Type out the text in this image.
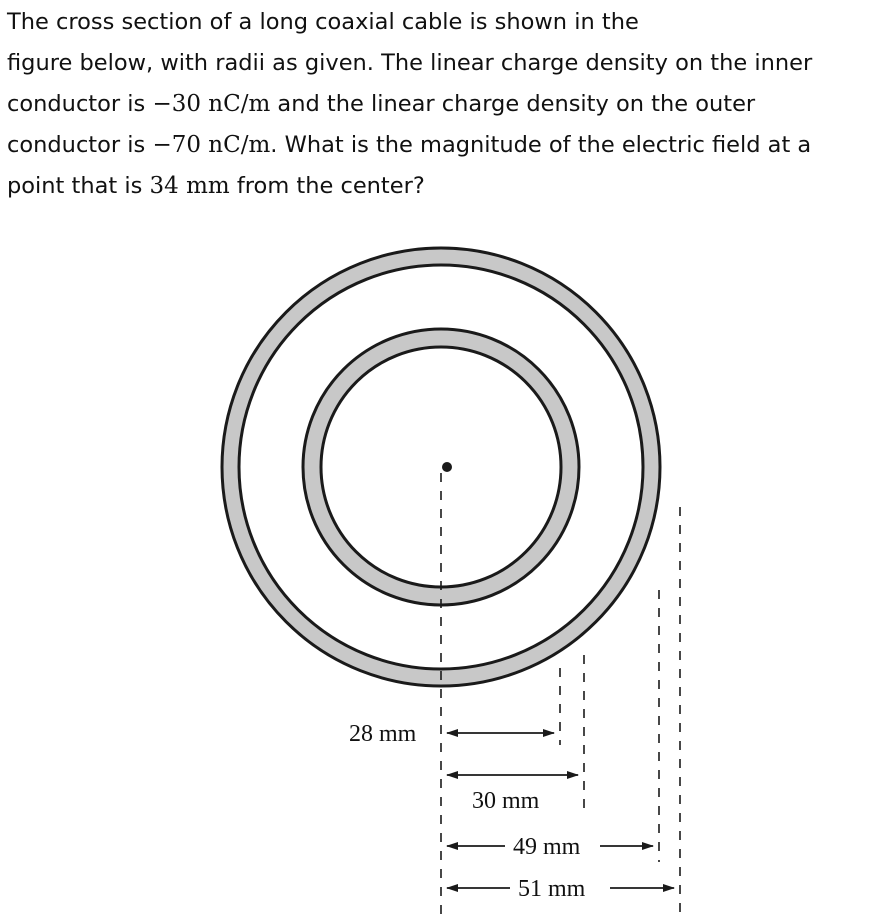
The cross section of a long coaxial cable is shown in the
figure below, with radii as given. The linear charge density on the inner
conductor is −30 nC/m and the linear charge density on the outer
conductor is −70 nC/m. What is the magnitude of the electric field at a
point that is 34 mm from the center?
28 mm
30 mm
49 mm
51 mm
